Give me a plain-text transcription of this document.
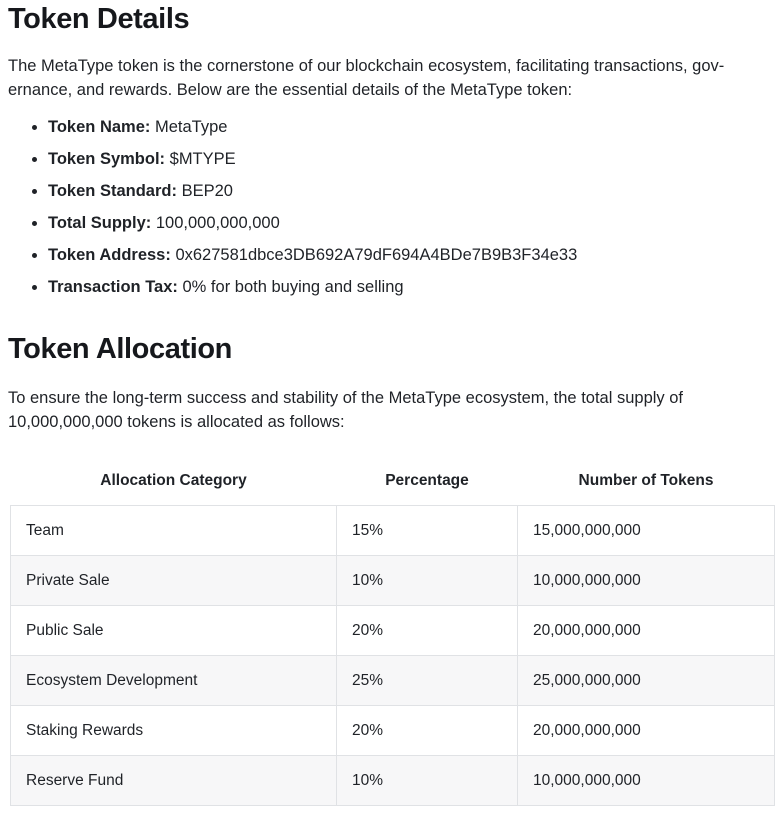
Token Details

The MetaType token is the cornerstone of our blockchain ecosystem, facilitating transactions, gov-
ernance, and rewards. Below are the essential details of the MetaType token:

• Token Name: MetaType
• Token Symbol: $MTYPE
• Token Standard: BEP20
• Total Supply: 100,000,000,000
• Token Address: 0x627581dbce3DB692A79dF694A4BDe7B9B3F34e33
• Transaction Tax: 0% for both buying and selling
Token Allocation

To ensure the long-term success and stability of the MetaType ecosystem, the total supply of
10,000,000,000 tokens is allocated as follows:

Allocation Category	Percentage	Number of Tokens
Team	15%	15,000,000,000
Private Sale	10%	10,000,000,000
Public Sale	20%	20,000,000,000
Ecosystem Development	25%	25,000,000,000
Staking Rewards	20%	20,000,000,000
Reserve Fund	10%	10,000,000,000
